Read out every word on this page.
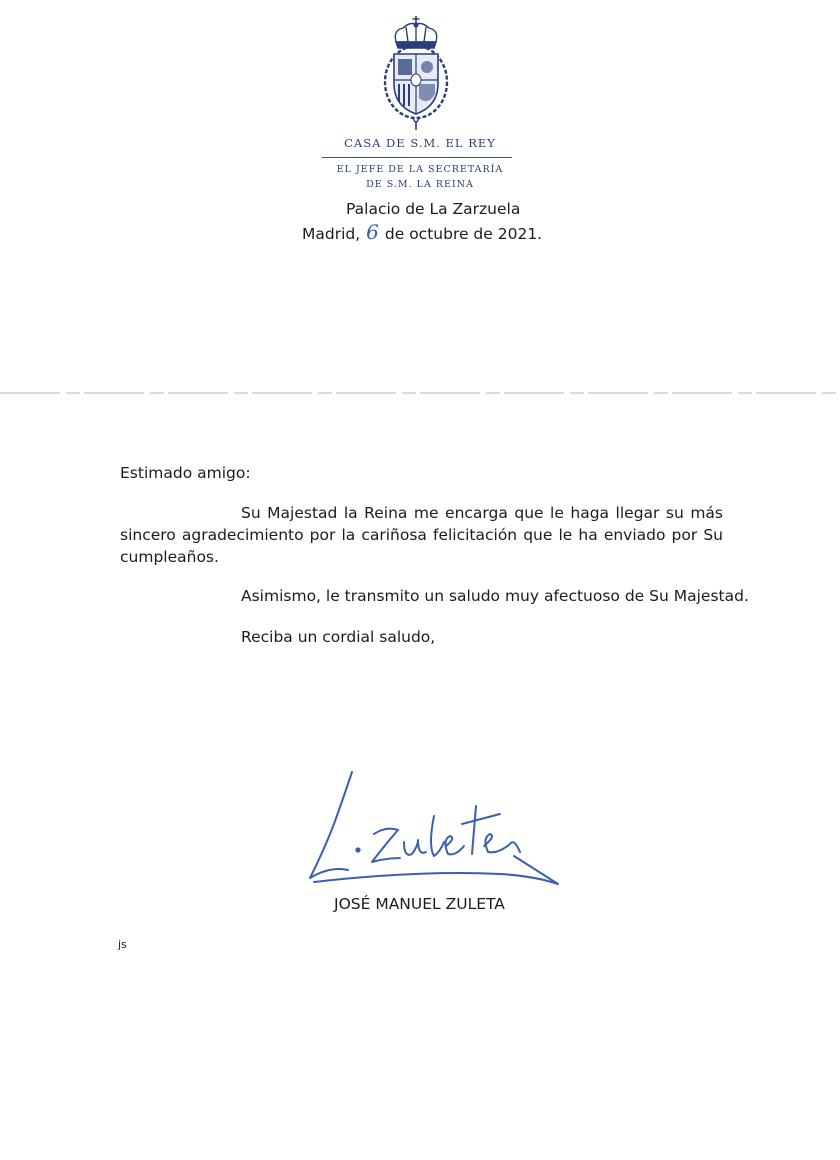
CASA DE S.M. EL REY
EL JEFE DE LA SECRETARÍA
DE S.M. LA REINA
Palacio de La Zarzuela
Madrid, 6 de octubre de 2021.
Estimado amigo:
Su Majestad la Reina me encarga que le haga llegar su más sincero agradecimiento por la cariñosa felicitación que le ha enviado por Su cumpleaños.
Asimismo, le transmito un saludo muy afectuoso de Su Majestad.
Reciba un cordial saludo,
JOSÉ MANUEL ZULETA
js
